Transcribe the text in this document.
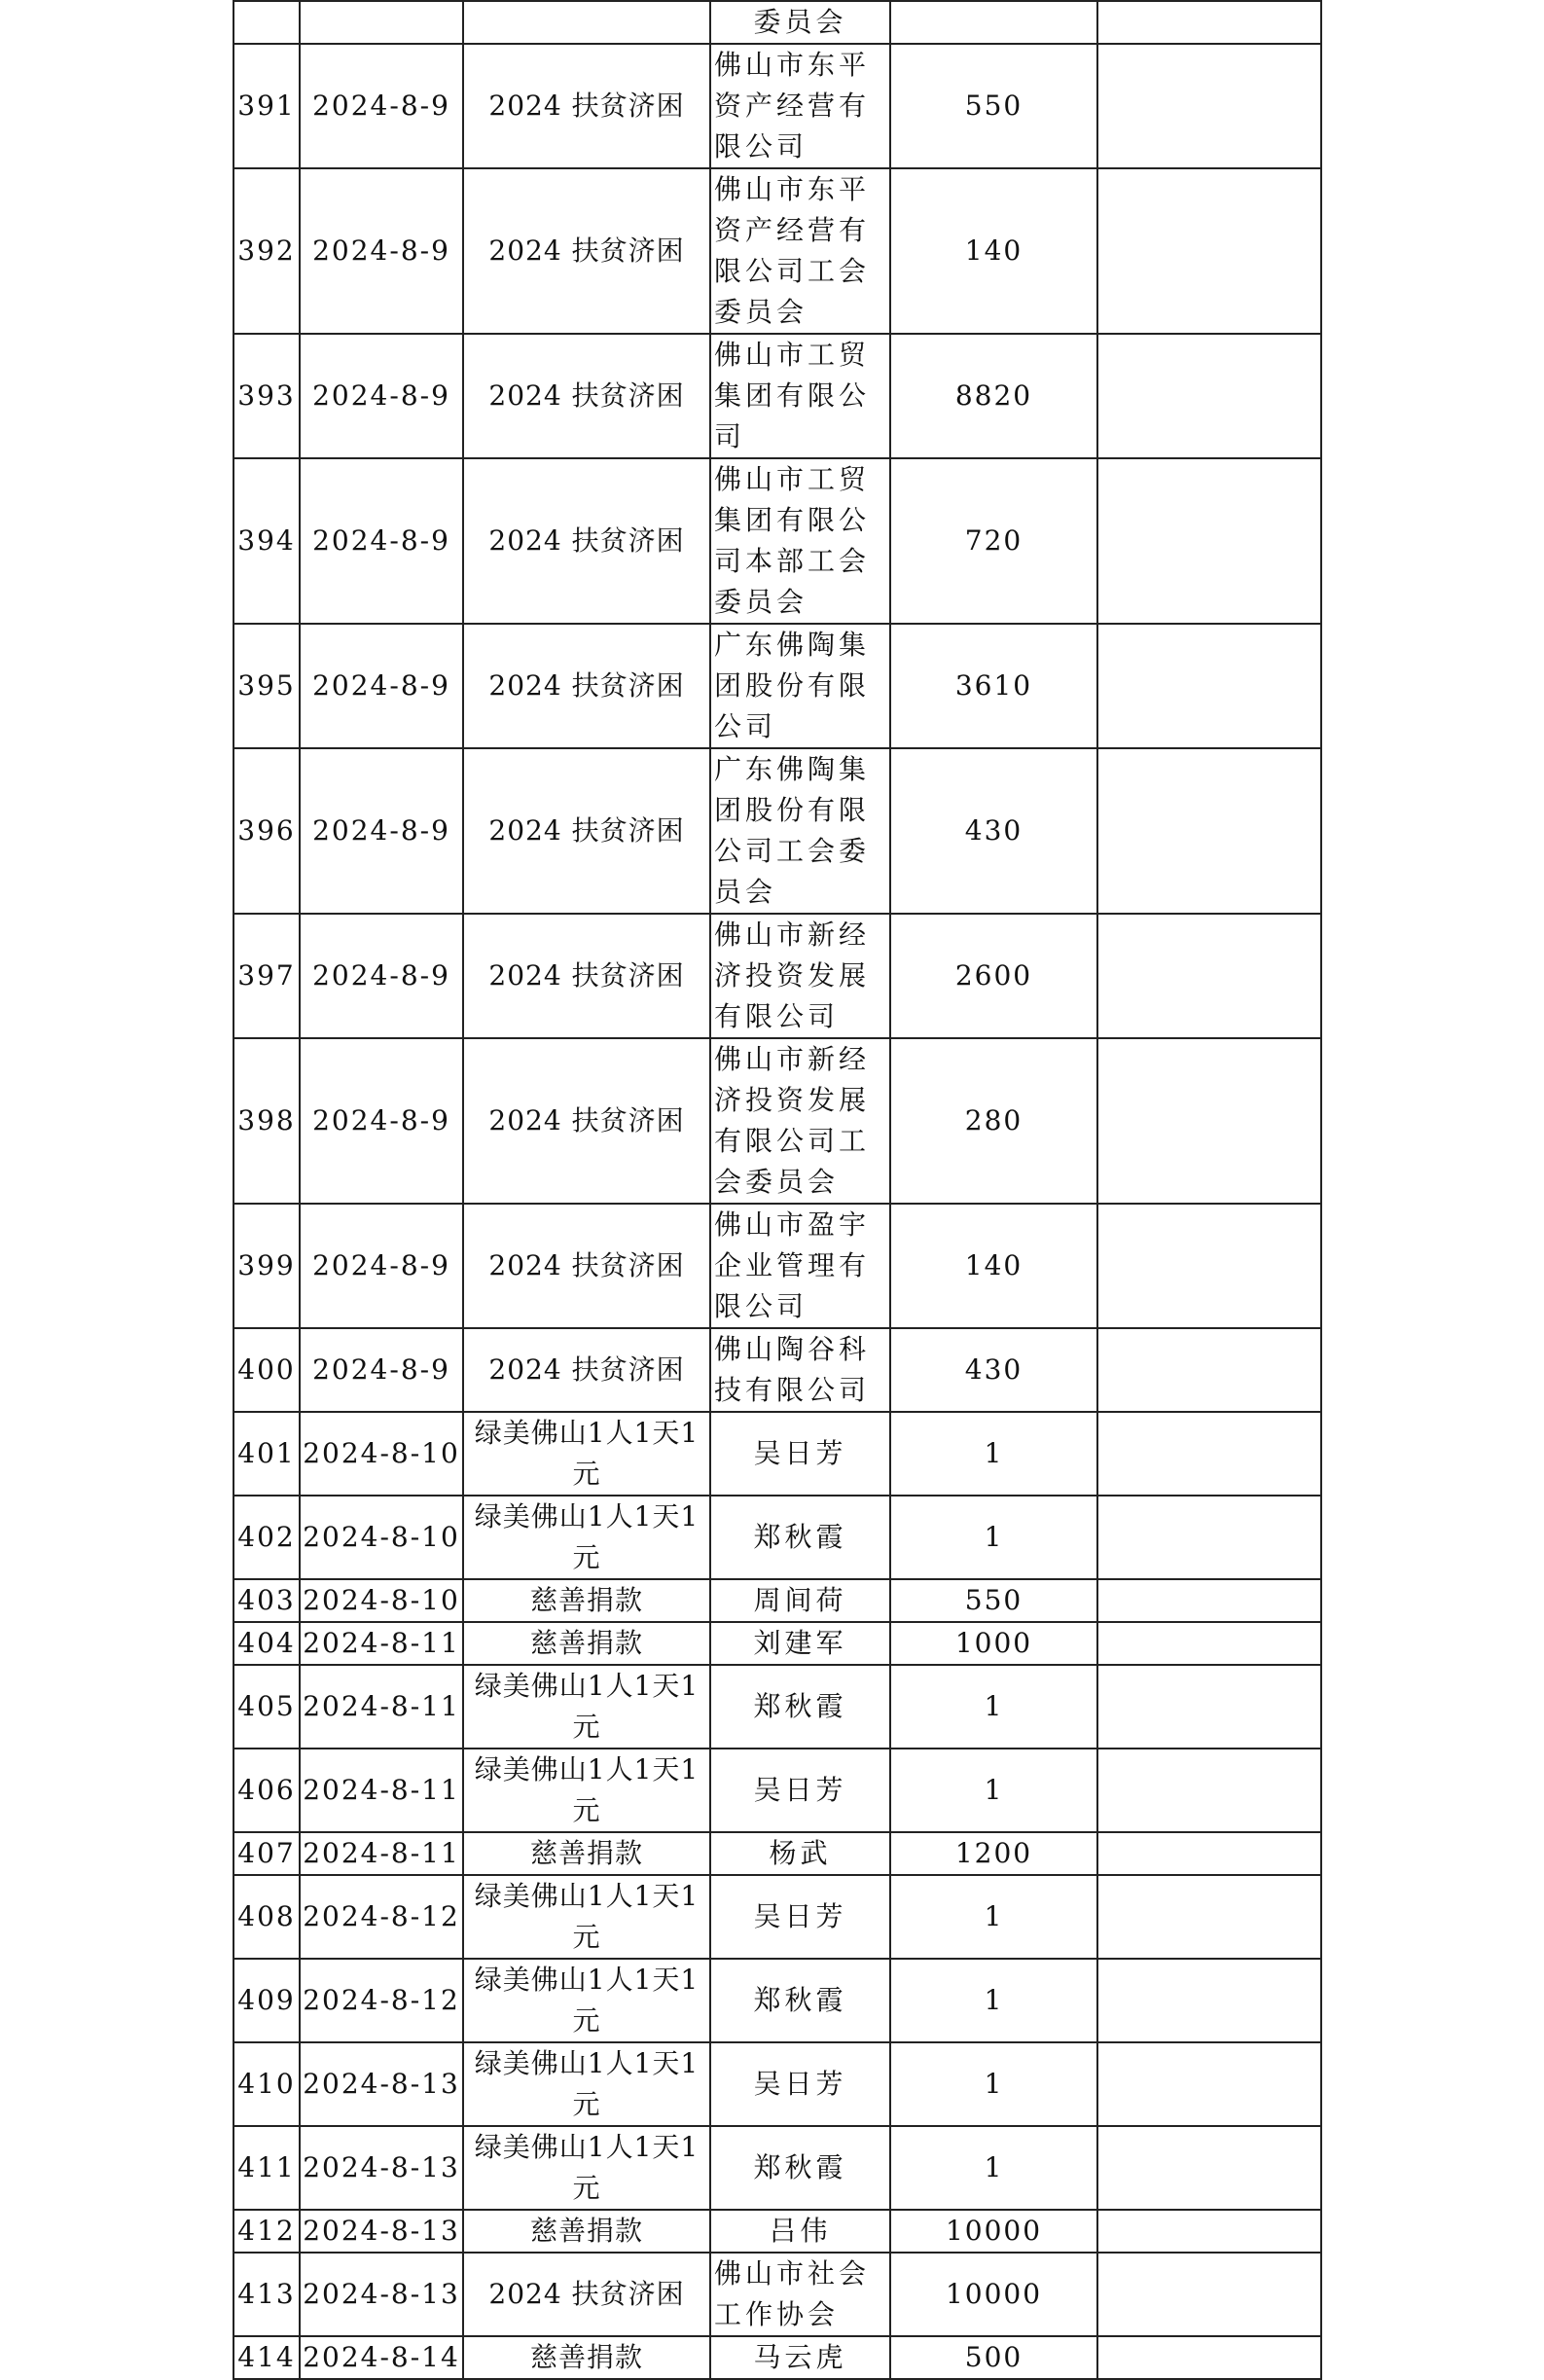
			委员会		
391	2024-8-9	2024 扶贫济困	佛山市东平资产经营有限公司	550	
392	2024-8-9	2024 扶贫济困	佛山市东平资产经营有限公司工会委员会	140	
393	2024-8-9	2024 扶贫济困	佛山市工贸集团有限公司	8820	
394	2024-8-9	2024 扶贫济困	佛山市工贸集团有限公司本部工会委员会	720	
395	2024-8-9	2024 扶贫济困	广东佛陶集团股份有限公司	3610	
396	2024-8-9	2024 扶贫济困	广东佛陶集团股份有限公司工会委员会	430	
397	2024-8-9	2024 扶贫济困	佛山市新经济投资发展有限公司	2600	
398	2024-8-9	2024 扶贫济困	佛山市新经济投资发展有限公司工会委员会	280	
399	2024-8-9	2024 扶贫济困	佛山市盈宇企业管理有限公司	140	
400	2024-8-9	2024 扶贫济困	佛山陶谷科技有限公司	430	
401	2024-8-10	绿美佛山1人1天1元	吴日芳	1	
402	2024-8-10	绿美佛山1人1天1元	郑秋霞	1	
403	2024-8-10	慈善捐款	周间荷	550	
404	2024-8-11	慈善捐款	刘建军	1000	
405	2024-8-11	绿美佛山1人1天1元	郑秋霞	1	
406	2024-8-11	绿美佛山1人1天1元	吴日芳	1	
407	2024-8-11	慈善捐款	杨武	1200	
408	2024-8-12	绿美佛山1人1天1元	吴日芳	1	
409	2024-8-12	绿美佛山1人1天1元	郑秋霞	1	
410	2024-8-13	绿美佛山1人1天1元	吴日芳	1	
411	2024-8-13	绿美佛山1人1天1元	郑秋霞	1	
412	2024-8-13	慈善捐款	吕伟	10000	
413	2024-8-13	2024 扶贫济困	佛山市社会工作协会	10000	
414	2024-8-14	慈善捐款	马云虎	500	
